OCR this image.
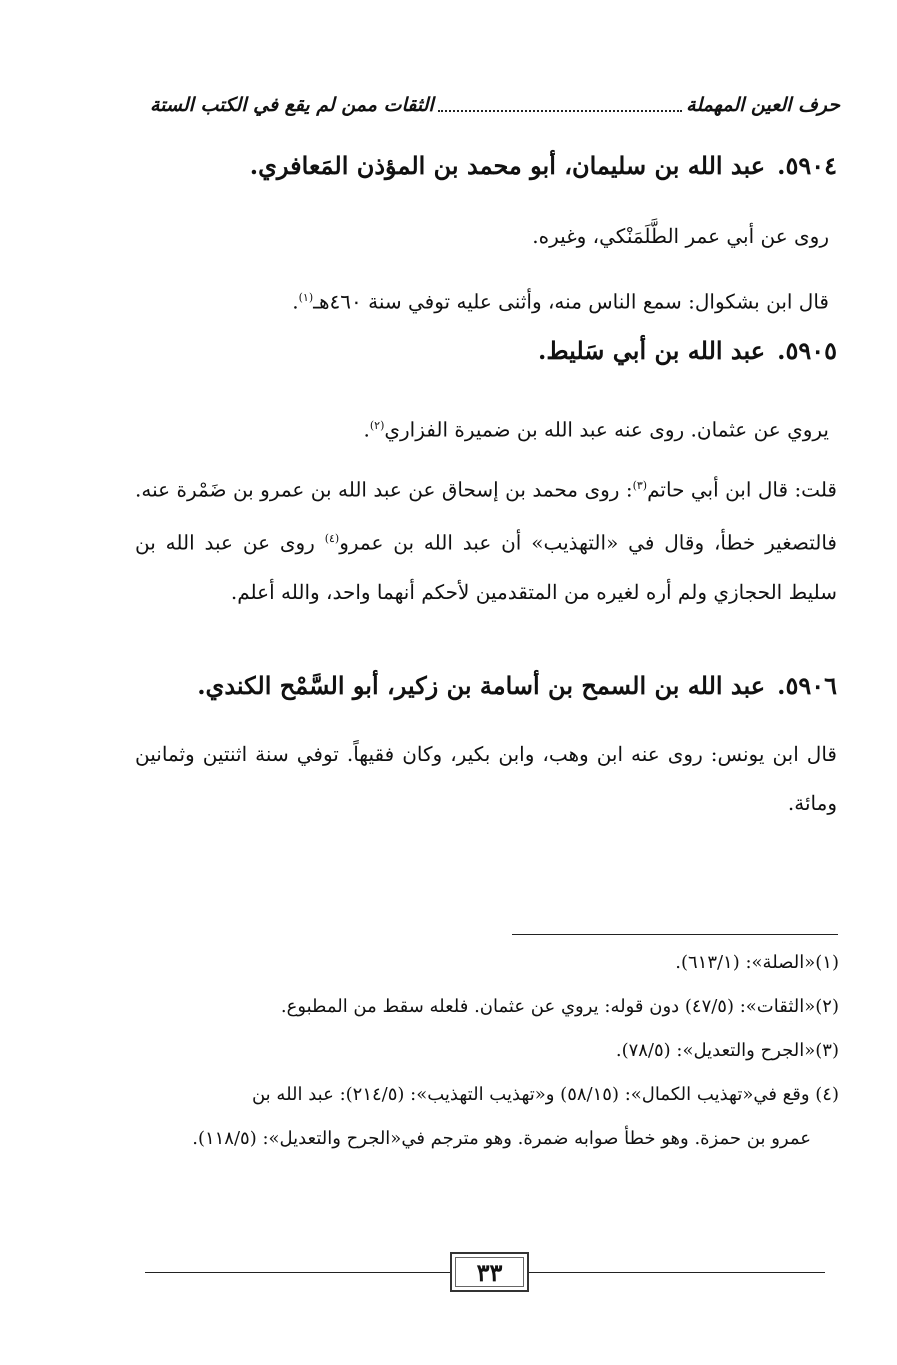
حرف العين المهملة
الثقات ممن لم يقع في الكتب الستة
٥٩٠٤.عبد الله بن سليمان، أبو محمد بن المؤذن المَعافري.
روى عن أبي عمر الطَّلَمَنْكي، وغيره.
قال ابن بشكوال: سمع الناس منه، وأثنى عليه توفي سنة ٤٦٠هـ$^{(١)}$.
٥٩٠٥.عبد الله بن أبي سَليط.
يروي عن عثمان. روى عنه عبد الله بن ضميرة الفزاري$^{(٢)}$.
قلت: قال ابن أبي حاتم$^{(٣)}$: روى محمد بن إسحاق عن عبد الله بن عمرو بن ضَمْرة عنه. فالتصغير خطأ، وقال في «التهذيب» أن عبد الله بن عمرو$^{(٤)}$ روى عن عبد الله بن سليط الحجازي ولم أره لغيره من المتقدمين لأحكم أنهما واحد، والله أعلم.
٥٩٠٦.عبد الله بن السمح بن أسامة بن زكير، أبو السَّمْح الكندي.
قال ابن يونس: روى عنه ابن وهب، وابن بكير، وكان فقيهاً. توفي سنة اثنتين وثمانين ومائة.
(١)«الصلة»: (٦١٣/١).
(٢)«الثقات»: (٤٧/٥) دون قوله: يروي عن عثمان. فلعله سقط من المطبوع.
(٣)«الجرح والتعديل»: (٧٨/٥).
(٤) وقع في«تهذيب الكمال»: (٥٨/١٥) و«تهذيب التهذيب»: (٢١٤/٥): عبد الله بن
عمرو بن حمزة. وهو خطأ صوابه ضمرة. وهو مترجم في«الجرح والتعديل»: (١١٨/٥).
٣٣
